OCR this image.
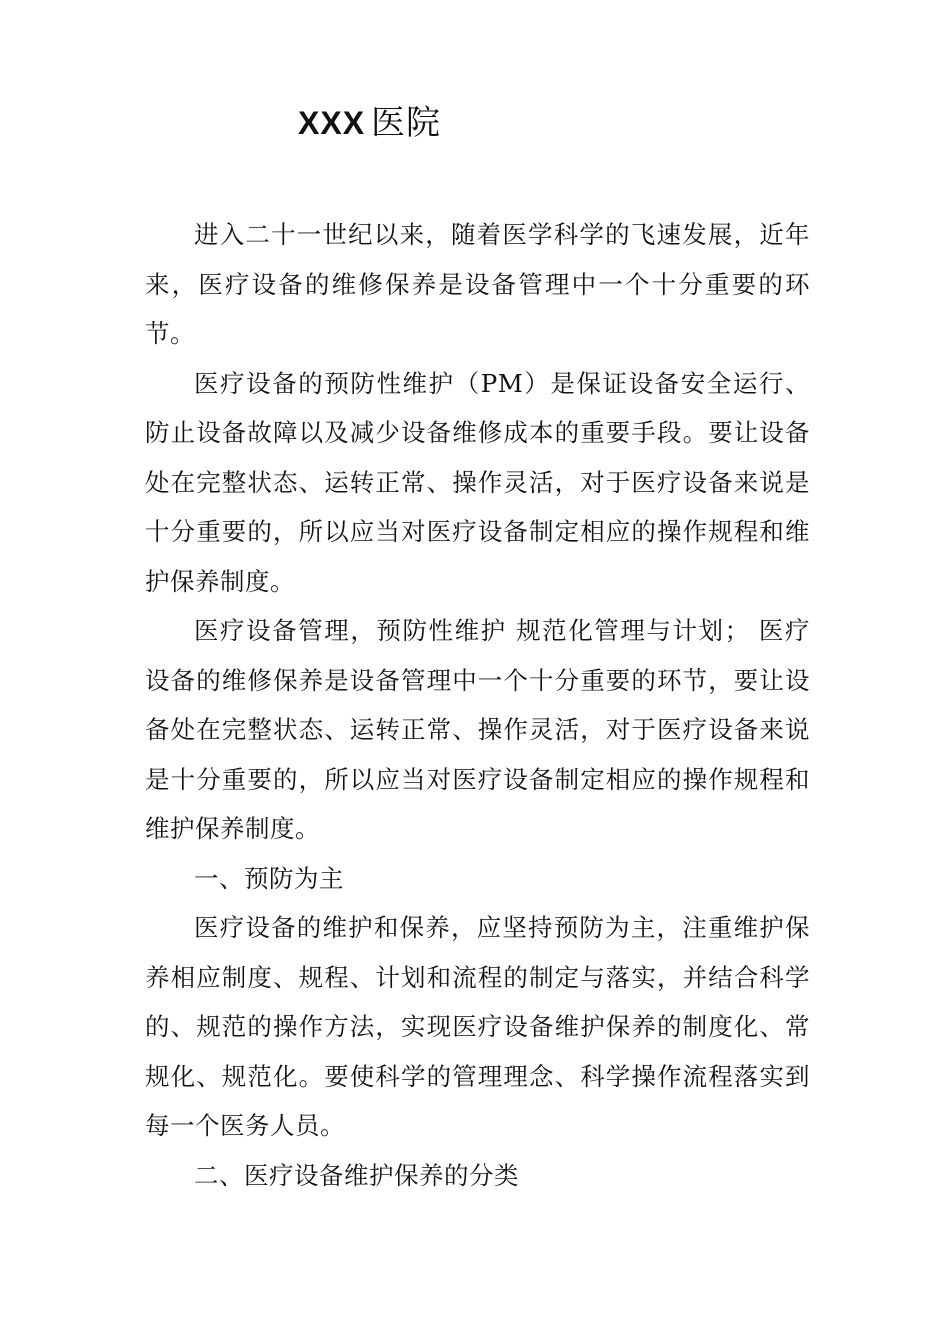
XXX 医院

进入二十一世纪以来，随着医学科学的飞速发展，近年来，医疗设备的维修保养是设备管理中一个十分重要的环节。

医疗设备的预防性维护（PM）是保证设备安全运行、防止设备故障以及减少设备维修成本的重要手段。要让设备处在完整状态、运转正常、操作灵活，对于医疗设备来说是十分重要的，所以应当对医疗设备制定相应的操作规程和维护保养制度。

医疗设备管理，预防性维护 规范化管理与计划； 医疗设备的维修保养是设备管理中一个十分重要的环节，要让设备处在完整状态、运转正常、操作灵活，对于医疗设备来说是十分重要的，所以应当对医疗设备制定相应的操作规程和维护保养制度。

一、预防为主

医疗设备的维护和保养，应坚持预防为主，注重维护保养相应制度、规程、计划和流程的制定与落实，并结合科学的、规范的操作方法，实现医疗设备维护保养的制度化、常规化、规范化。要使科学的管理理念、科学操作流程落实到每一个医务人员。

二、医疗设备维护保养的分类
